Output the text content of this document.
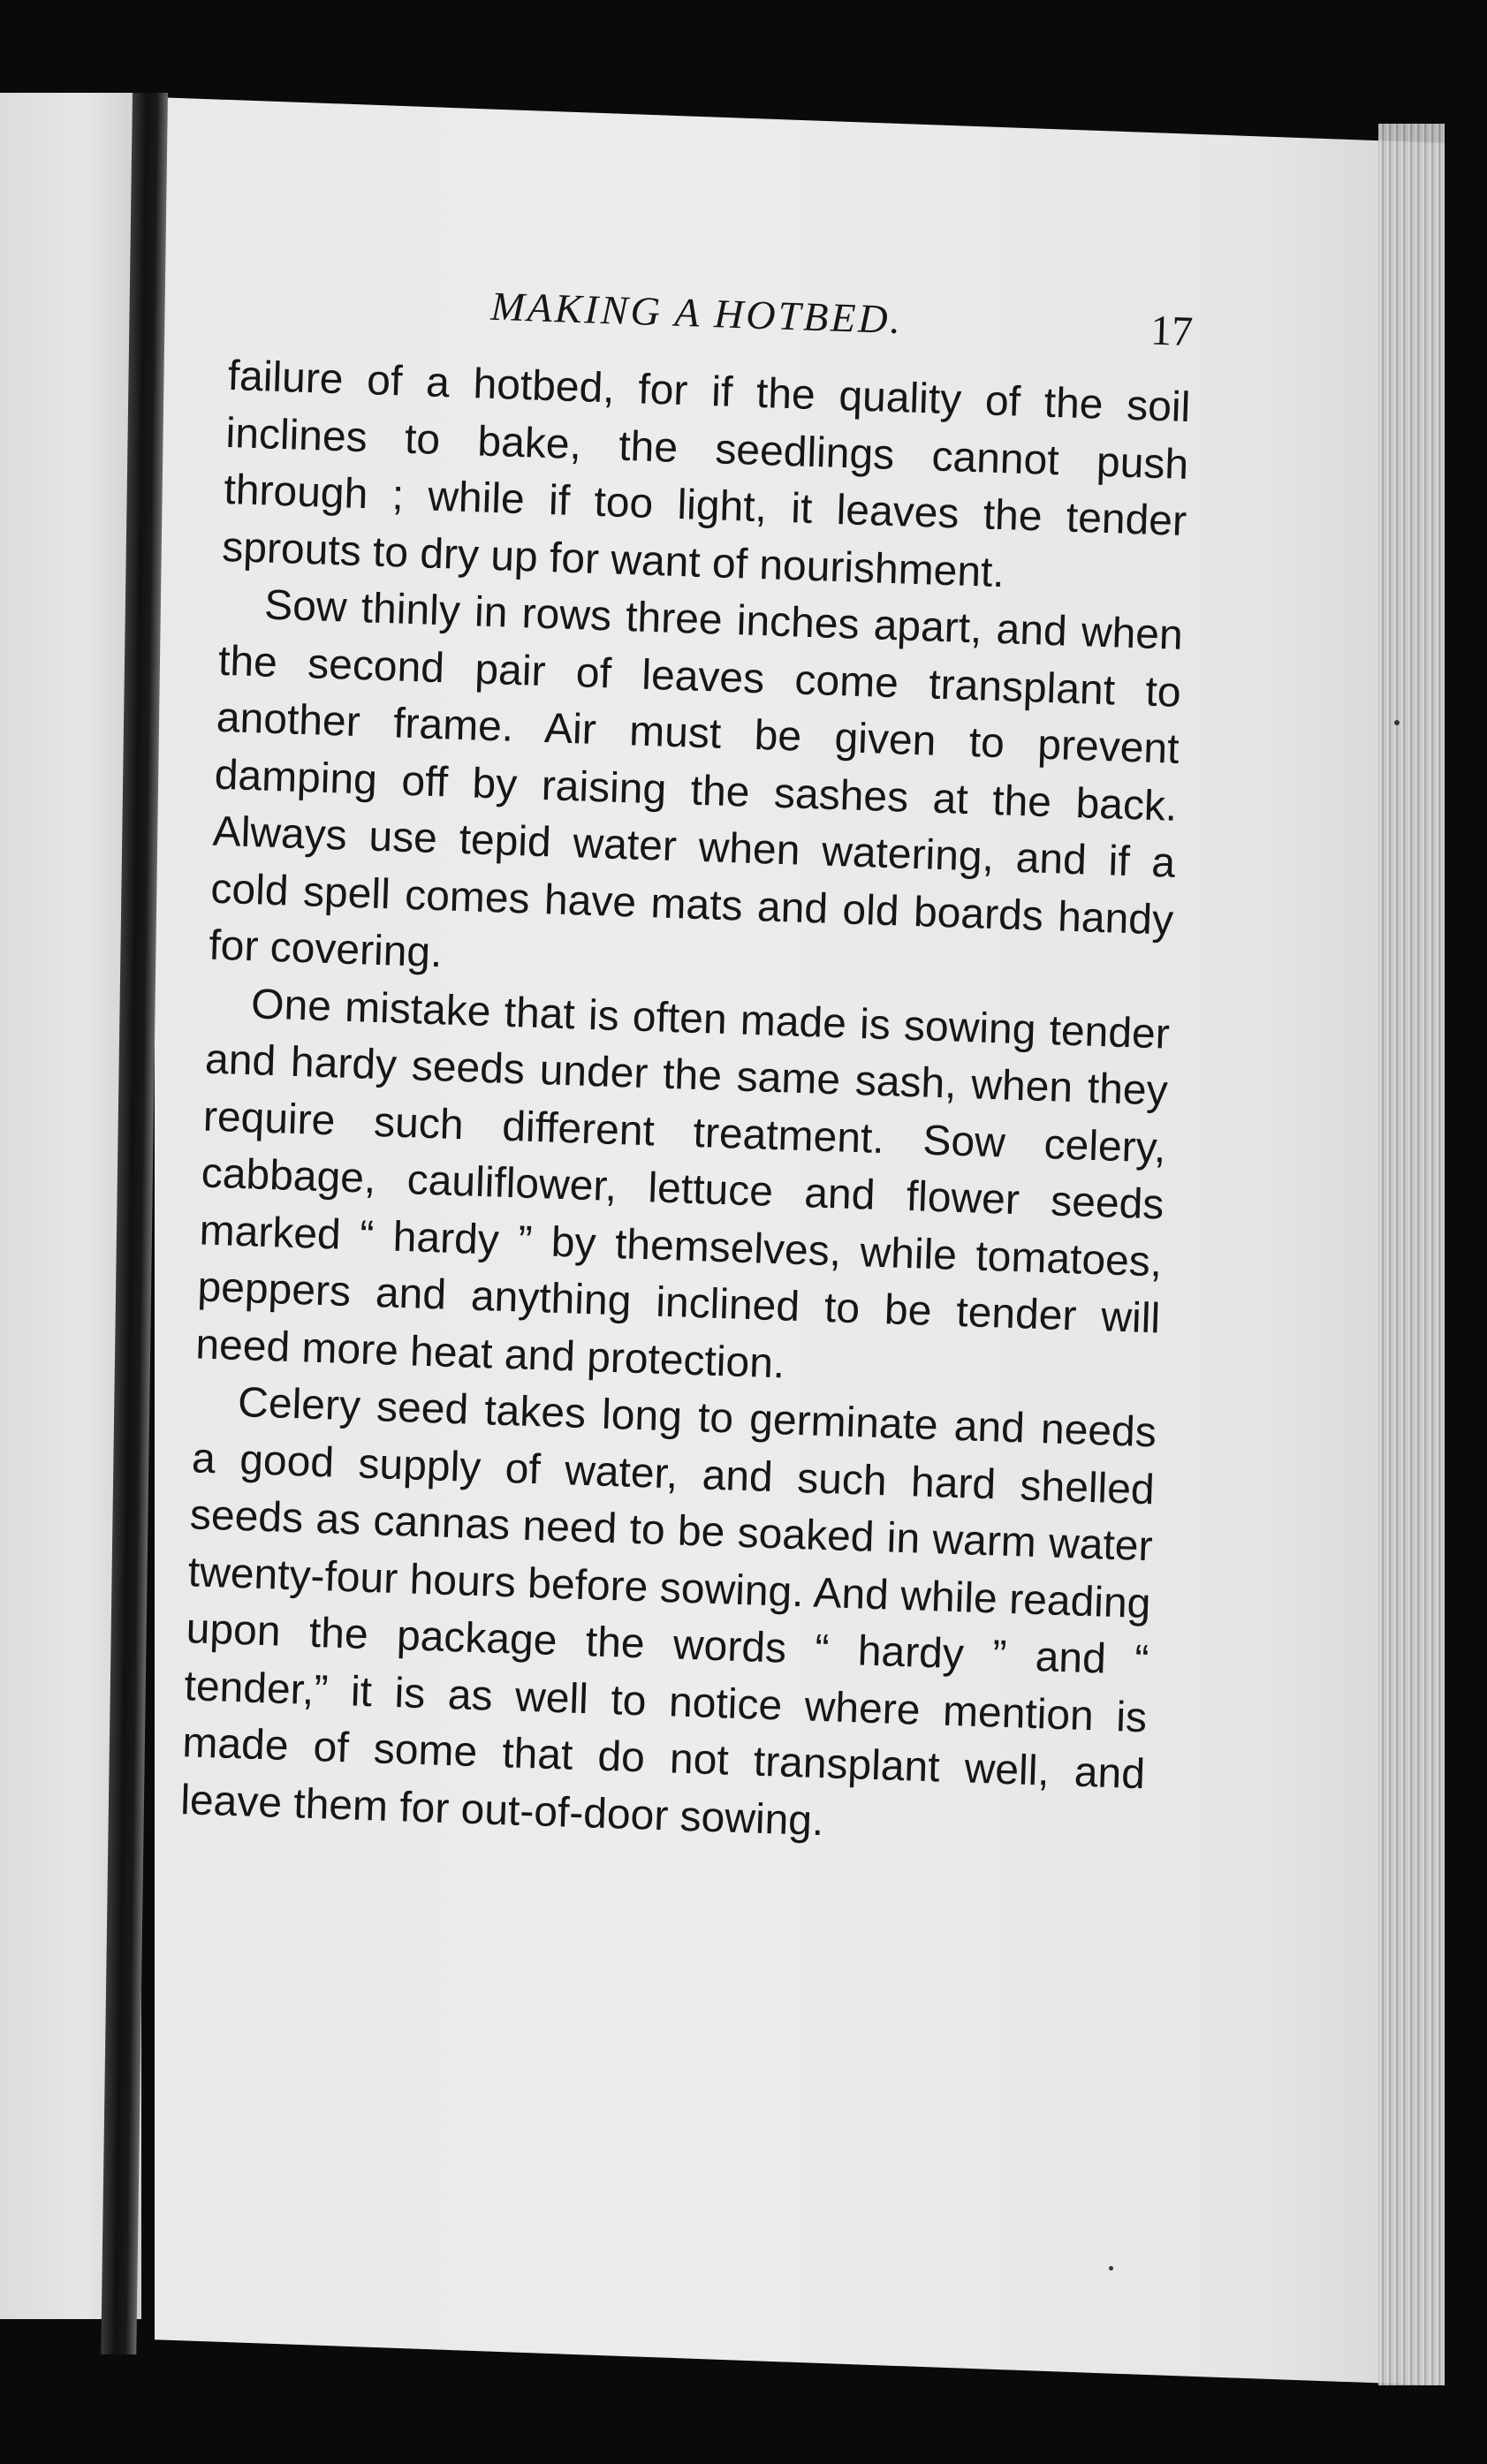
MAKING A HOTBED.	17

failure of a hotbed, for if the quality of the soil inclines to bake, the seedlings cannot push through ; while if too light, it leaves the tender sprouts to dry up for want of nourishment.

Sow thinly in rows three inches apart, and when the second pair of leaves come transplant to another frame. Air must be given to prevent damping off by raising the sashes at the back. Always use tepid water when watering, and if a cold spell comes have mats and old boards handy for covering.

One mistake that is often made is sowing tender and hardy seeds under the same sash, when they require such different treatment. Sow celery, cabbage, cauliflower, lettuce and flower seeds marked “ hardy ” by themselves, while tomatoes, peppers and anything inclined to be tender will need more heat and protection.

Celery seed takes long to germinate and needs a good supply of water, and such hard shelled seeds as cannas need to be soaked in warm water twenty-four hours before sowing. And while reading upon the package the words “ hardy ” and “ tender,” it is as well to notice where mention is made of some that do not transplant well, and leave them for out-of-door sowing.
